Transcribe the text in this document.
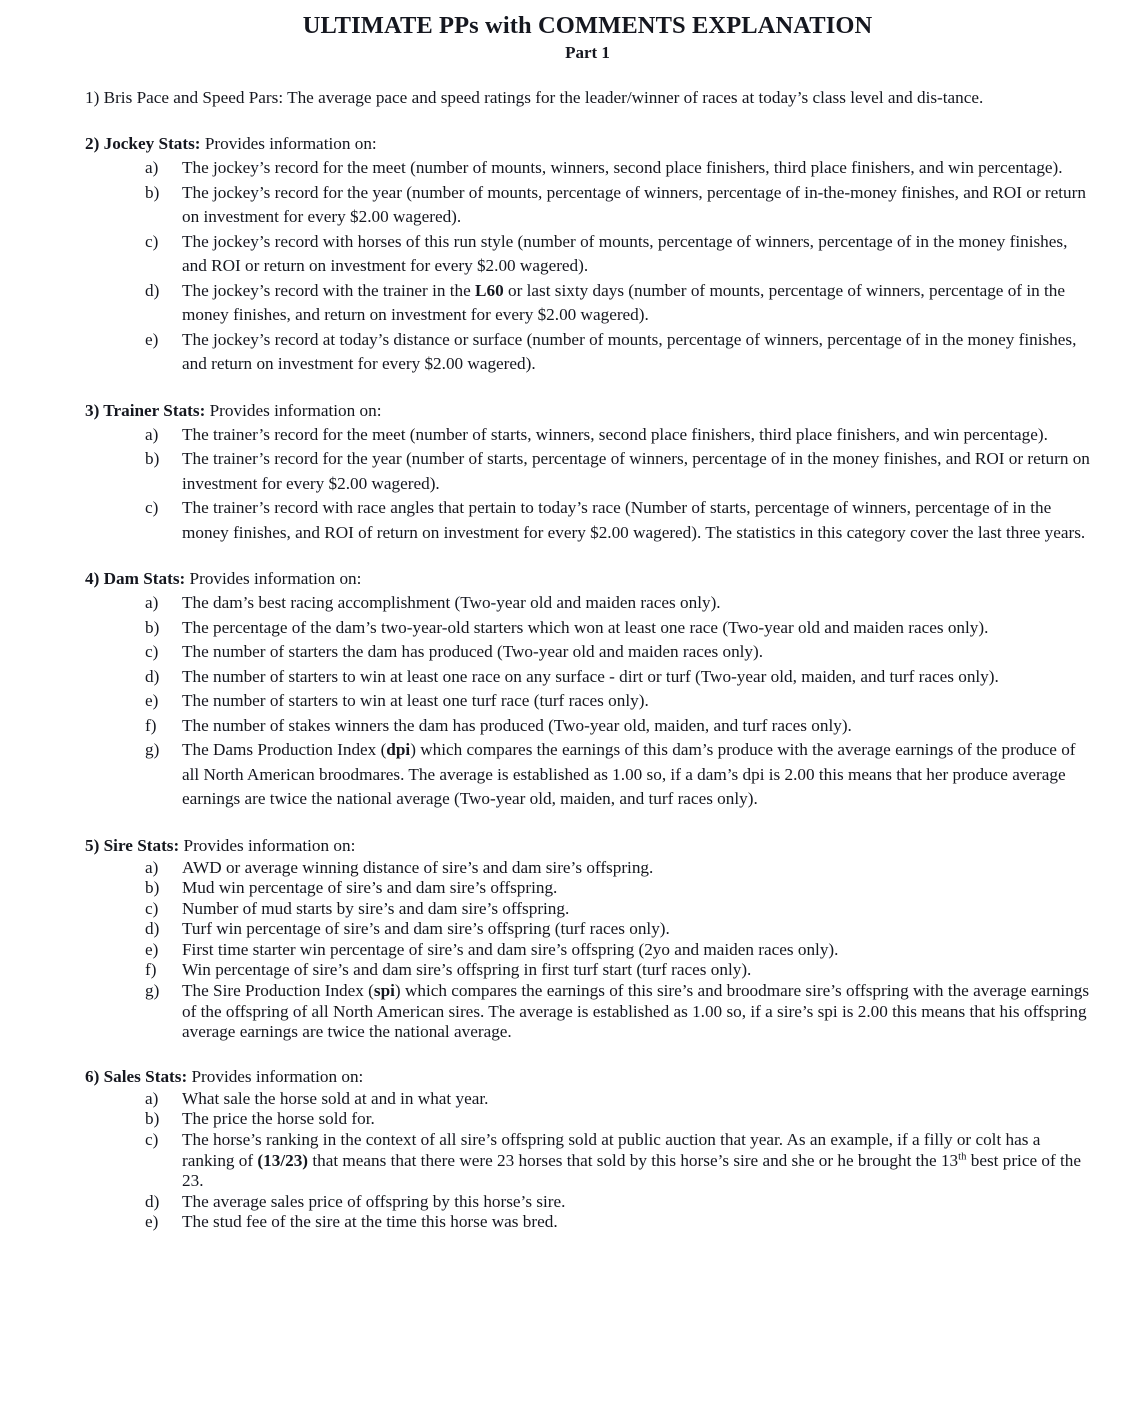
ULTIMATE PPs with COMMENTS EXPLANATION
Part 1

1) Bris Pace and Speed Pars: The average pace and speed ratings for the leader/winner of races at today’s class level and dis-tance.

2) Jockey Stats: Provides information on:

a)	The jockey’s record for the meet (number of mounts, winners, second place finishers, third place finishers, and win percentage).

b)	The jockey’s record for the year (number of mounts, percentage of winners, percentage of in-the-money finishes, and ROI or return on investment for every $2.00 wagered).

c)	The jockey’s record with horses of this run style (number of mounts, percentage of winners, percentage of in the money finishes, and ROI or return on investment for every $2.00 wagered).

d)	The jockey’s record with the trainer in the L60 or last sixty days (number of mounts, percentage of winners, percentage of in the money finishes, and return on investment for every $2.00 wagered).

e)	The jockey’s record at today’s distance or surface (number of mounts, percentage of winners, percentage of in the money finishes, and return on investment for every $2.00 wagered).

3) Trainer Stats: Provides information on:

a)	The trainer’s record for the meet (number of starts, winners, second place finishers, third place finishers, and win percentage).

b)	The trainer’s record for the year (number of starts, percentage of winners, percentage of in the money finishes, and ROI or return on investment for every $2.00 wagered).

c)	The trainer’s record with race angles that pertain to today’s race (Number of starts, percentage of winners, percentage of in the money finishes, and ROI of return on investment for every $2.00 wagered). The statistics in this category cover the last three years.

4) Dam Stats: Provides information on:

a)	The dam’s best racing accomplishment (Two-year old and maiden races only).

b)	The percentage of the dam’s two-year-old starters which won at least one race (Two-year old and maiden races only).

c)	The number of starters the dam has produced (Two-year old and maiden races only).

d)	The number of starters to win at least one race on any surface - dirt or turf (Two-year old, maiden, and turf races only).

e)	The number of starters to win at least one turf race (turf races only).

f)	The number of stakes winners the dam has produced (Two-year old, maiden, and turf races only).

g)	The Dams Production Index (dpi) which compares the earnings of this dam’s produce with the average earnings of the produce of all North American broodmares. The average is established as 1.00 so, if a dam’s dpi is 2.00 this means that her produce average earnings are twice the national average (Two-year old, maiden, and turf races only).

5) Sire Stats: Provides information on:

a)	AWD or average winning distance of sire’s and dam sire’s offspring.

b)	Mud win percentage of sire’s and dam sire’s offspring.

c)	Number of mud starts by sire’s and dam sire’s offspring.

d)	Turf win percentage of sire’s and dam sire’s offspring (turf races only).

e)	First time starter win percentage of sire’s and dam sire’s offspring (2yo and maiden races only).

f)	Win percentage of sire’s and dam sire’s offspring in first turf start (turf races only).

g)	The Sire Production Index (spi) which compares the earnings of this sire’s and broodmare sire’s offspring with the average earnings of the offspring of all North American sires. The average is established as 1.00 so, if a sire’s spi is 2.00 this means that his offspring average earnings are twice the national average.

6) Sales Stats: Provides information on:

a)	What sale the horse sold at and in what year.

b)	The price the horse sold for.

c)	The horse’s ranking in the context of all sire’s offspring sold at public auction that year. As an example, if a filly or colt has a ranking of (13/23) that means that there were 23 horses that sold by this horse’s sire and she or he brought the 13th best price of the 23.

d)	The average sales price of offspring by this horse’s sire.

e)	The stud fee of the sire at the time this horse was bred.
